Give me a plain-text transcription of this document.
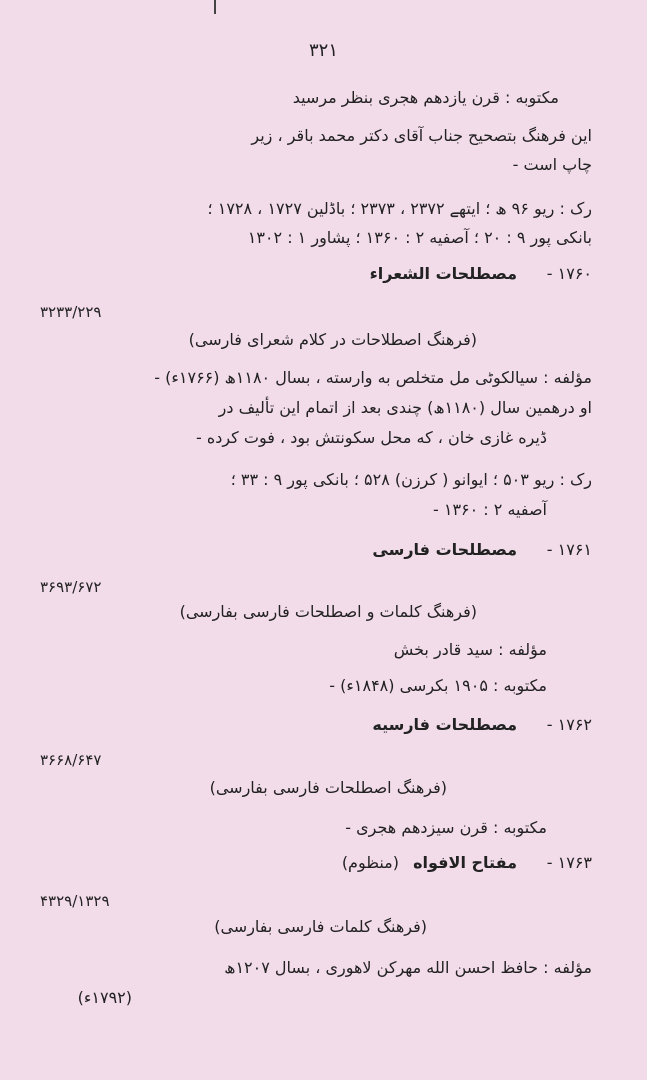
۳۲۱
مکتوبه : قرن یازدهم هجری بنظر مرسید
این فرهنگ بتصحیح جناب آقای دکتر محمد باقر ، زیر
چاپ است -
رک : ریو ۹۶ ھ ؛ ایتھے ۲۳۷۲ ، ۲۳۷۳ ؛ باڈلین ۱۷۲۷ ، ۱۷۲۸ ؛
بانکی پور ۹ : ۲۰ ؛ آصفیه ۲ : ۱۳۶۰ ؛ پشاور ۱ : ۱۳۰۲
۱۷۶۰ -
مصطلحات الشعراء
۳۲۳۳/۲۲۹
(فرهنگ اصطلاحات در کلام شعرای فارسی)
مؤلفه : سیالکوٹی مل متخلص به وارسته ، بسال ۱۱۸۰ھ (۱۷۶۶ء) -
او درهمین سال (۱۱۸۰ھ) چندی بعد از اتمام این تألیف در
ڈیره غازی خان ، که محل سکونتش بود ، فوت کرده -
رک : ریو ۵۰۳ ؛ ایوانو ( کرزن) ۵۲۸ ؛ بانکی پور ۹ : ۳۳ ؛
آصفیه ۲ : ۱۳۶۰ -
۱۷۶۱ -
مصطلحات فارسی
۳۶۹۳/۶۷۲
(فرهنگ کلمات و اصطلحات فارسی بفارسی)
مؤلفه : سید قادر بخش
مکتوبه : ۱۹۰۵ بکرسی (۱۸۴۸ء) -
۱۷۶۲ -
مصطلحات فارسیه
۳۶۶۸/۶۴۷
(فرهنگ اصطلحات فارسی بفارسی)
مکتوبه : قرن سیزدهم هجری -
۱۷۶۳ -
مفتاح الافواه
(منظوم)
۴۳۲۹/۱۳۲۹
(فرهنگ کلمات فارسی بفارسی)
مؤلفه : حافظ احسن الله مهرکن لاهوری ، بسال ۱۲۰۷ھ
(۱۷۹۲ء)
